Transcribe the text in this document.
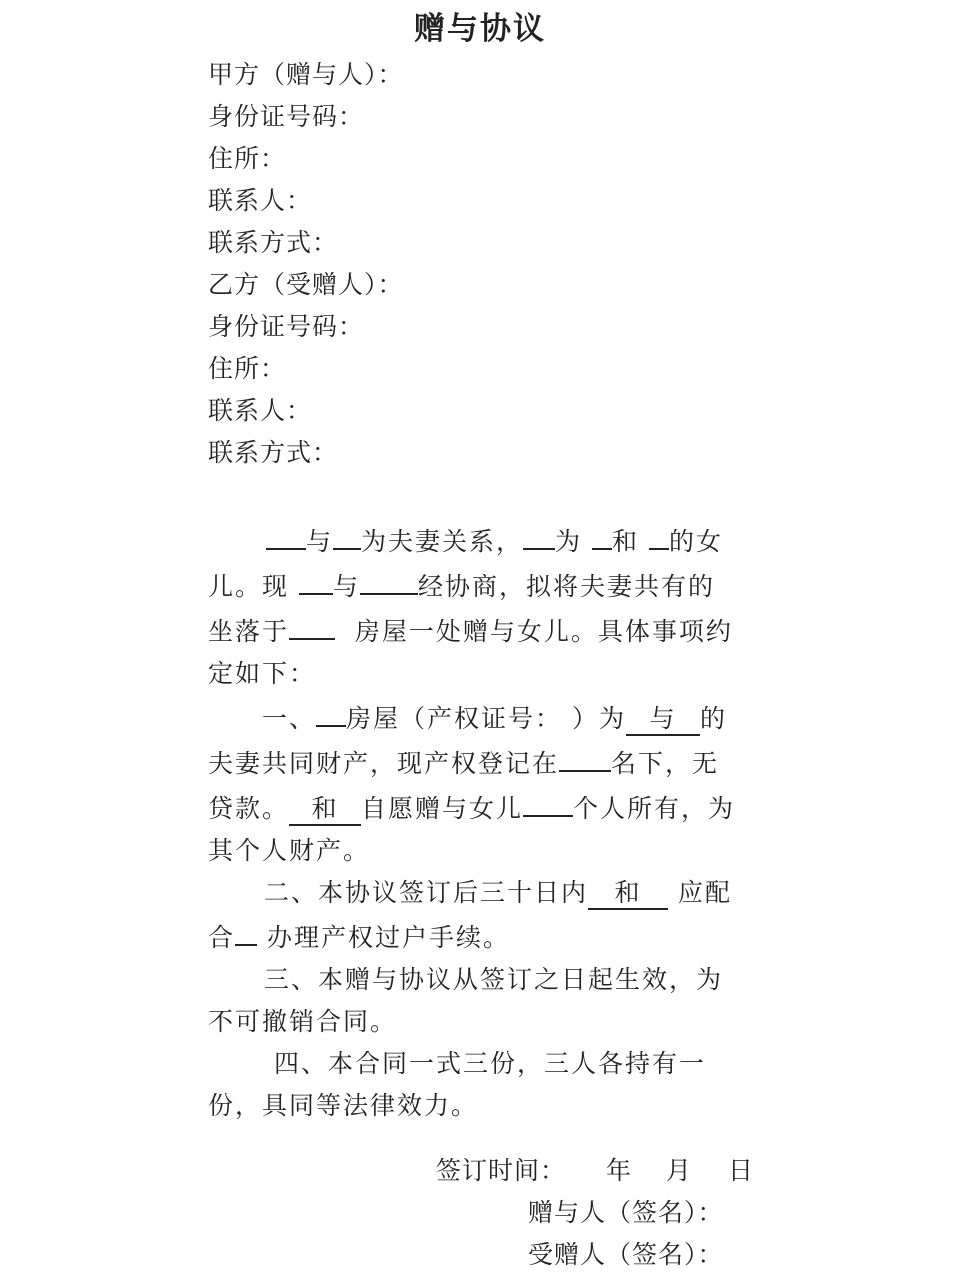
赠与协议
甲方（赠与人）：
身份证号码：
住所：
联系人：
联系方式：
乙方（受赠人）：
身份证号码：
住所：
联系人：
联系方式：

与 为夫妻关系， 为 和 的女
儿。现 与 经协商，拟将夫妻共有的
坐落于	房屋一处赠与女儿。具体事项约
定如下：

一、 房屋（产权证号： ）为 与 的
夫妻共同财产，现产权登记在 名下，无
贷款。 和 自愿赠与女儿 个人所有，为
其个人财产。

二、本协议签订后三十日内 和 应配
合 办理产权过户手续。

三、本赠与协议从签订之日起生效，为
不可撤销合同。

四、本合同一式三份，三人各持有一
份，具同等法律效力。

签订时间： 年 月 日
赠与人（签名）：
受赠人（签名）：
